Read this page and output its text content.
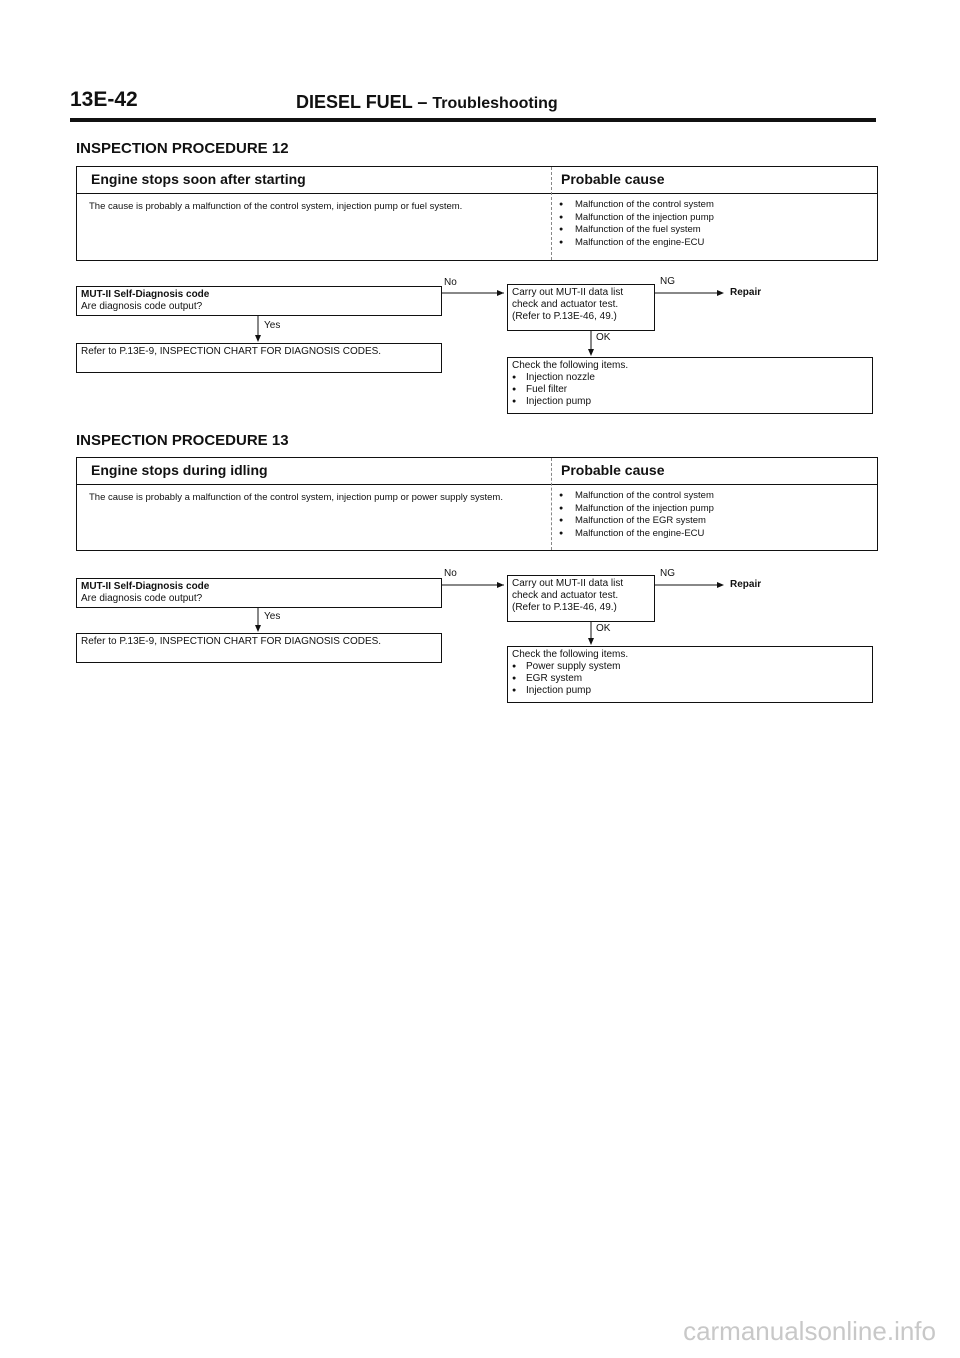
13E-42	DIESEL FUEL – Troubleshooting
INSPECTION PROCEDURE 12
Engine stops soon after starting	Probable cause
The cause is probably a malfunction of the control system, injection pump or fuel system.	● Malfunction of the control system
● Malfunction of the injection pump
● Malfunction of the fuel system
● Malfunction of the engine-ECU
MUT-II Self-Diagnosis code
Are diagnosis code output?
No
Yes
Refer to P.13E-9, INSPECTION CHART FOR DIAGNOSIS CODES.
Carry out MUT-II data list
check and actuator test.
(Refer to P.13E-46, 49.)
NG
Repair
OK
Check the following items.
● Injection nozzle
● Fuel filter
● Injection pump
INSPECTION PROCEDURE 13
Engine stops during idling	Probable cause
The cause is probably a malfunction of the control system, injection pump or power supply system.	● Malfunction of the control system
● Malfunction of the injection pump
● Malfunction of the EGR system
● Malfunction of the engine-ECU
MUT-II Self-Diagnosis code
Are diagnosis code output?
No
Yes
Refer to P.13E-9, INSPECTION CHART FOR DIAGNOSIS CODES.
Carry out MUT-II data list
check and actuator test.
(Refer to P.13E-46, 49.)
NG
Repair
OK
Check the following items.
● Power supply system
● EGR system
● Injection pump
carmanualsonline.info
